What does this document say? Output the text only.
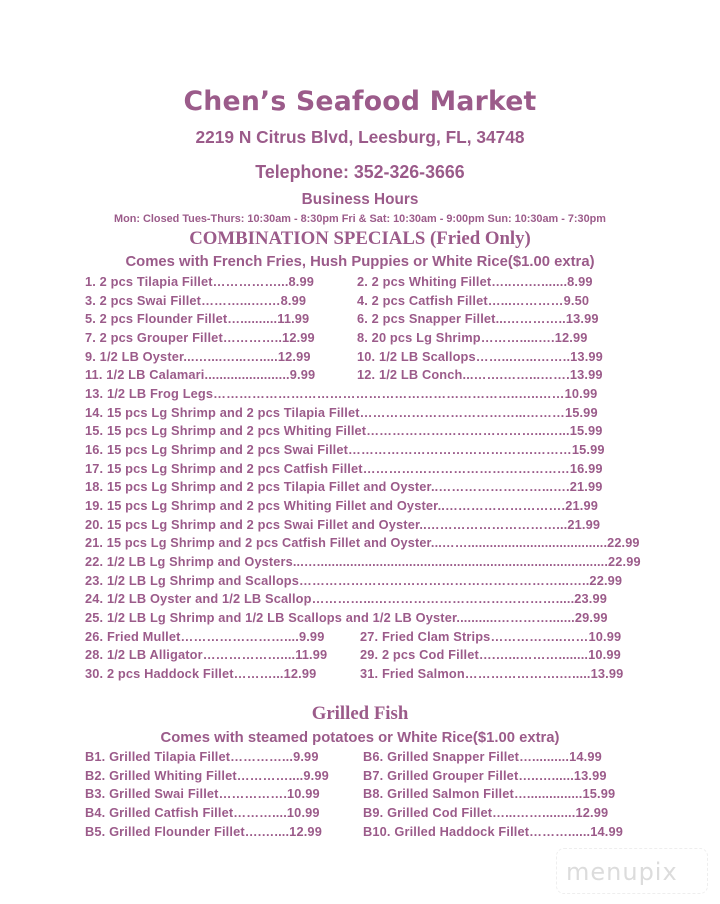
Chen’s Seafood Market
2219 N Citrus Blvd, Leesburg, FL, 34748
Telephone: 352-326-3666
Business Hours
Mon: Closed Tues-Thurs: 10:30am - 8:30pm Fri & Sat: 10:30am - 9:00pm Sun: 10:30am - 7:30pm
COMBINATION SPECIALS (Fried Only)
Comes with French Fries, Hush Puppies or White Rice($1.00 extra)
1. 2 pcs Tilapia Fillet……………...8.99
3. 2 pcs Swai Fillet………...….…8.99
5. 2 pcs Flounder Fillet…..........11.99
7. 2 pcs Grouper Fillet…………..12.99
9. 1/2 LB Oyster...…....…...….....12.99
11. 1/2 LB Calamari.......................9.99
2. 2 pcs Whiting Fillet…..….….......8.99
4. 2 pcs Catfish Fillet…...…………9.50
6. 2 pcs Snapper Fillet...…………..13.99
8. 20 pcs Lg Shrimp……….....….12.99
10. 1/2 LB Scallops……...…...……..13.99
12. 1/2 LB Conch...…….……...…….13.99
13. 1/2 LB Frog Legs……………………………………………………………..…..……10.99
14. 15 pcs Lg Shrimp and 2 pcs Tilapia Fillet………………………………...………15.99
15. 15 pcs Lg Shrimp and 2 pcs Whiting Fillet…………………………………...…...15.99
16. 15 pcs Lg Shrimp and 2 pcs Swai Fillet…………………………………….………15.99
17. 15 pcs Lg Shrimp and 2 pcs Catfish Fillet…………………………………………16.99
18. 15 pcs Lg Shrimp and 2 pcs Tilapia Fillet and Oyster..……………………...….21.99
19. 15 pcs Lg Shrimp and 2 pcs Whiting Fillet and Oyster..……………………….21.99
20. 15 pcs Lg Shrimp and 2 pcs Swai Fillet and Oyster..…………………………...21.99
21. 15 pcs Lg Shrimp and 2 pcs Catfish Fillet and Oyster...……......................................22.99
22. 1/2 LB Lg Shrimp and Oysters...…...............................................................................22.99
23. 1/2 LB Lg Shrimp and Scallops……………………………………………………...…..22.99
24. 1/2 LB Oyster and 1/2 LB Scallop…………...…………………………………….....23.99
25. 1/2 LB Lg Shrimp and 1/2 LB Scallops and 1/2 LB Oyster...........………….......29.99
26. Fried Mullet……………………....9.99
28. 1/2 LB Alligator………………....11.99
30. 2 pcs Haddock Fillet………...12.99
27. Fried Clam Strips……………..……10.99
29. 2 pcs Cod Fillet….…...………........10.99
31. Fried Salmon………………….….....13.99
Grilled Fish
Comes with steamed potatoes or White Rice($1.00 extra)
B1. Grilled Tilapia Fillet…………...9.99
B2. Grilled Whiting Fillet…………....9.99
B3. Grilled Swai Fillet…………….10.99
B4. Grilled Catfish Fillet………....10.99
B5. Grilled Flounder Fillet….…....12.99
B6. Grilled Snapper Fillet…..........14.99
B7. Grilled Grouper Fillet…..…......13.99
B8. Grilled Salmon Fillet…...............15.99
B9. Grilled Cod Fillet…...…….........12.99
B10. Grilled Haddock Fillet………......14.99
menupix
